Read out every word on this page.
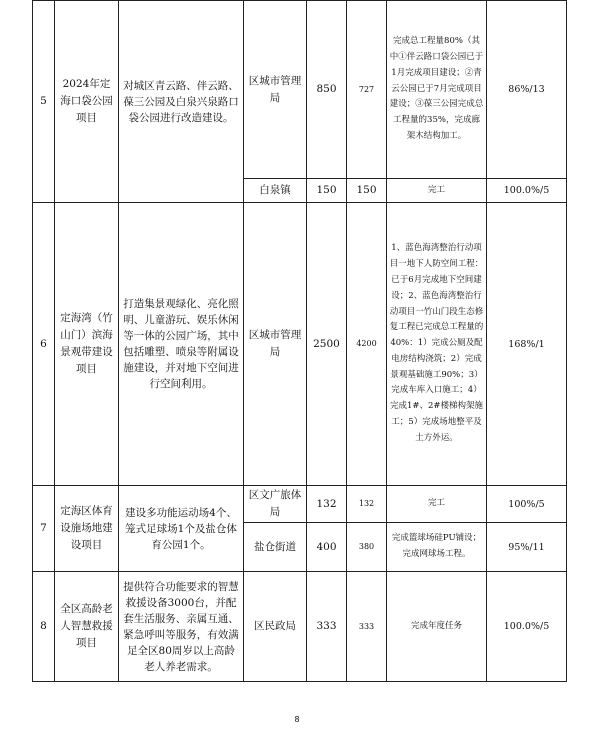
5	2024年定海口袋公园项目	对城区青云路、伴云路、葆三公园及白泉兴泉路口袋公园进行改造建设。	区城市管理局	850	727	完成总工程量80%（其中①伴云路口袋公园已于1月完成项目建设；②青云公园已于7月完成项目建设；③葆三公园完成总工程量的35%，完成廊架木结构加工。	86%/13
			白泉镇	150	150	完工	100.0%/5
6	定海湾（竹山门）滨海景观带建设项目	打造集景观绿化、亮化照明、儿童游玩、娱乐休闲等一体的公园广场，其中包括雕塑、喷泉等附属设施建设，并对地下空间进行空间利用。	区城市管理局	2500	4200	1、蓝色海湾整治行动项目一地下人防空间工程：已于6月完成地下空间建设；2、蓝色海湾整治行动项目一竹山门段生态修复工程已完成总工程量的40%：1）完成公厕及配电房结构浇筑；2）完成景观基础施工90%；3）完成车库入口施工；4）完成1#、2#楼梯构架施工；5）完成场地整平及土方外运。	168%/1
7	定海区体育设施场地建设项目	建设多功能运动场4个、笼式足球场1个及盐仓体育公园1个。	区文广旅体局	132	132	完工	100%/5
			盐仓街道	400	380	完成篮球场硅PU铺设；完成网球场工程。	95%/11
8	全区高龄老人智慧救援项目	提供符合功能要求的智慧救援设备3000台，并配套生活服务、亲属互通、紧急呼叫等服务，有效满足全区80周岁以上高龄老人养老需求。	区民政局	333	333	完成年度任务	100.0%/5
8
